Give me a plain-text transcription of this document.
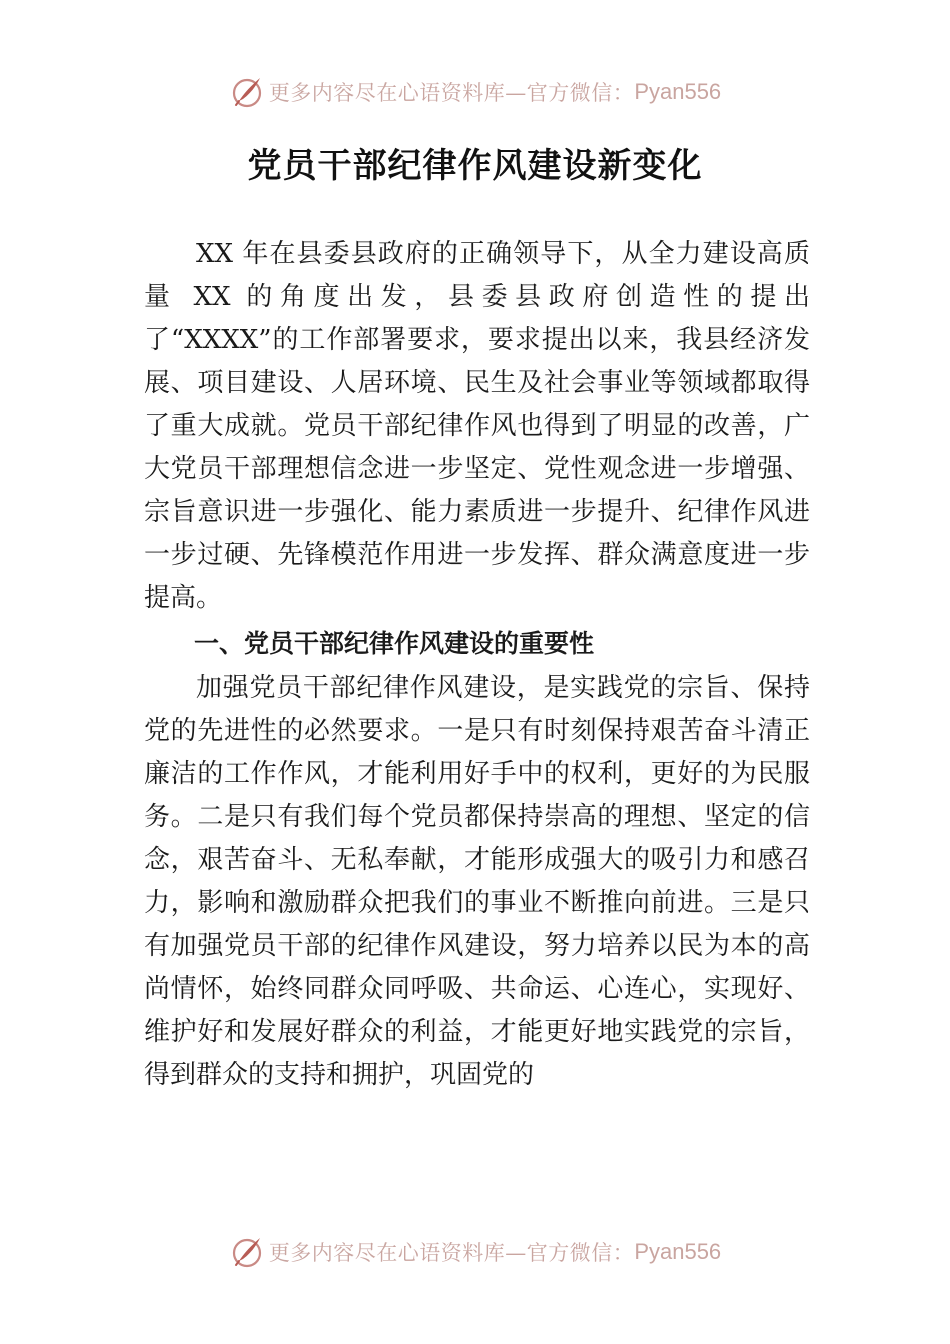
更多内容尽在心语资料库—官方微信： Pyan556
党员干部纪律作风建设新变化

XX 年在县委县政府的正确领导下，从全力建设高质量 XX 的角度出发，县委县政府创造性的提出了“XXXX”的工作部署要求，要求提出以来，我县经济发展、项目建设、人居环境、民生及社会事业等领域都取得了重大成就。党员干部纪律作风也得到了明显的改善，广大党员干部理想信念进一步坚定、党性观念进一步增强、宗旨意识进一步强化、能力素质进一步提升、纪律作风进一步过硬、先锋模范作用进一步发挥、群众满意度进一步提高。

一、党员干部纪律作风建设的重要性

加强党员干部纪律作风建设，是实践党的宗旨、保持党的先进性的必然要求。一是只有时刻保持艰苦奋斗清正廉洁的工作作风，才能利用好手中的权利，更好的为民服务。二是只有我们每个党员都保持崇高的理想、坚定的信念，艰苦奋斗、无私奉献，才能形成强大的吸引力和感召力，影响和激励群众把我们的事业不断推向前进。三是只有加强党员干部的纪律作风建设，努力培养以民为本的高尚情怀，始终同群众同呼吸、共命运、心连心，实现好、维护好和发展好群众的利益，才能更好地实践党的宗旨，得到群众的支持和拥护，巩固党的

更多内容尽在心语资料库—官方微信： Pyan556
